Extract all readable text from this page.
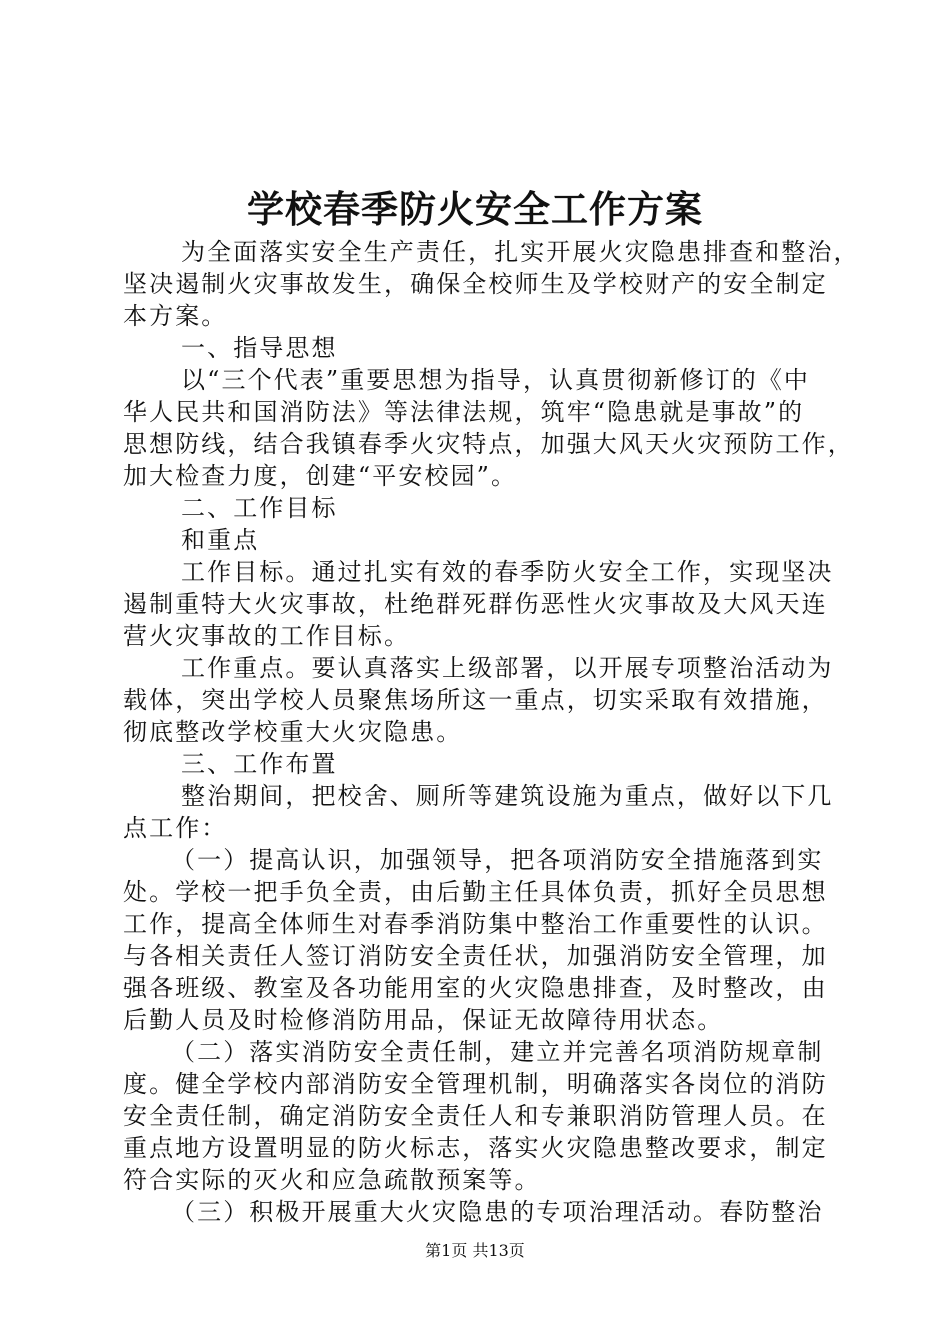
学校春季防火安全工作方案
为全面落实安全生产责任，扎实开展火灾隐患排查和整治，
坚决遏制火灾事故发生，确保全校师生及学校财产的安全制定
本方案。
一、指导思想
以“三个代表”重要思想为指导，认真贯彻新修订的《中
华人民共和国消防法》等法律法规，筑牢“隐患就是事故”的
思想防线，结合我镇春季火灾特点，加强大风天火灾预防工作，
加大检查力度，创建“平安校园”。
二、工作目标
和重点
工作目标。通过扎实有效的春季防火安全工作，实现坚决
遏制重特大火灾事故，杜绝群死群伤恶性火灾事故及大风天连
营火灾事故的工作目标。
工作重点。要认真落实上级部署，以开展专项整治活动为
载体，突出学校人员聚焦场所这一重点，切实采取有效措施，
彻底整改学校重大火灾隐患。
三、工作布置
整治期间，把校舍、厕所等建筑设施为重点，做好以下几
点工作：
（一）提高认识，加强领导，把各项消防安全措施落到实
处。学校一把手负全责，由后勤主任具体负责，抓好全员思想
工作，提高全体师生对春季消防集中整治工作重要性的认识。
与各相关责任人签订消防安全责任状，加强消防安全管理，加
强各班级、教室及各功能用室的火灾隐患排查，及时整改，由
后勤人员及时检修消防用品，保证无故障待用状态。
（二）落实消防安全责任制，建立并完善名项消防规章制
度。健全学校内部消防安全管理机制，明确落实各岗位的消防
安全责任制，确定消防安全责任人和专兼职消防管理人员。在
重点地方设置明显的防火标志，落实火灾隐患整改要求，制定
符合实际的灭火和应急疏散预案等。
（三）积极开展重大火灾隐患的专项治理活动。春防整治
第1页 共13页
